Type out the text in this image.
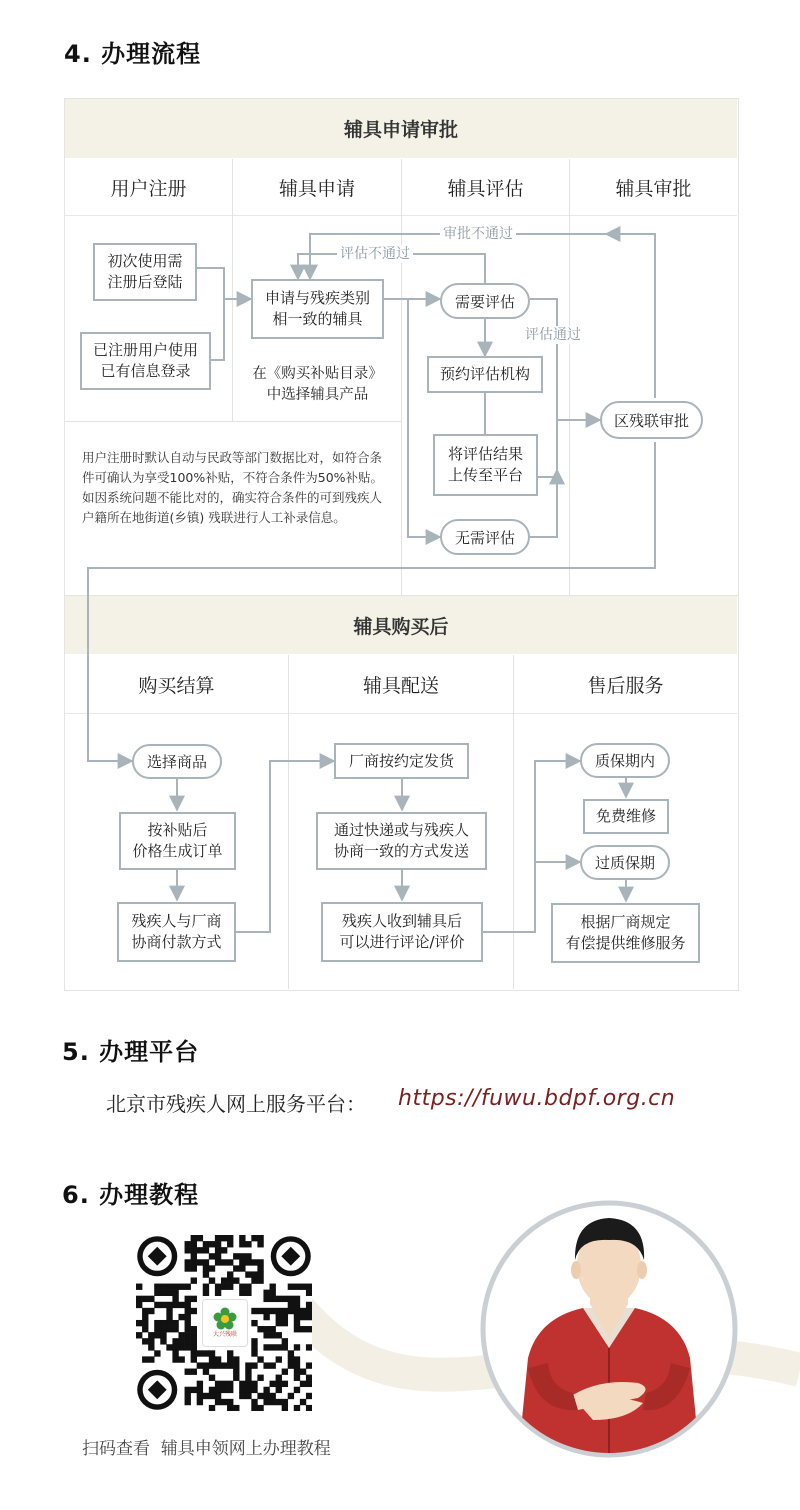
4. 办理流程
辅具申请审批
用户注册	辅具申请	辅具评估	辅具审批
辅具购买后
购买结算	辅具配送	售后服务
初次使用需
注册后登陆
已注册用户使用
已有信息登录
申请与残疾类别
相一致的辅具
在《购买补贴目录》
中选择辅具产品
需要评估
预约评估机构
将评估结果
上传至平台
无需评估
区残联审批
审批不通过
评估不通过
评估通过
用户注册时默认自动与民政等部门数据比对，如符合条件可确认为享受100%补贴，不符合条件为50%补贴。如因系统问题不能比对的，确实符合条件的可到残疾人户籍所在地街道(乡镇) 残联进行人工补录信息。
选择商品
按补贴后
价格生成订单
残疾人与厂商
协商付款方式
厂商按约定发货
通过快递或与残疾人
协商一致的方式发送
残疾人收到辅具后
可以进行评论/评价
质保期内
免费维修
过质保期
根据厂商规定
有偿提供维修服务
5. 办理平台
北京市残疾人网上服务平台： https://fuwu.bdpf.org.cn
6. 办理教程
大兴残联
扫码查看  辅具申领网上办理教程
